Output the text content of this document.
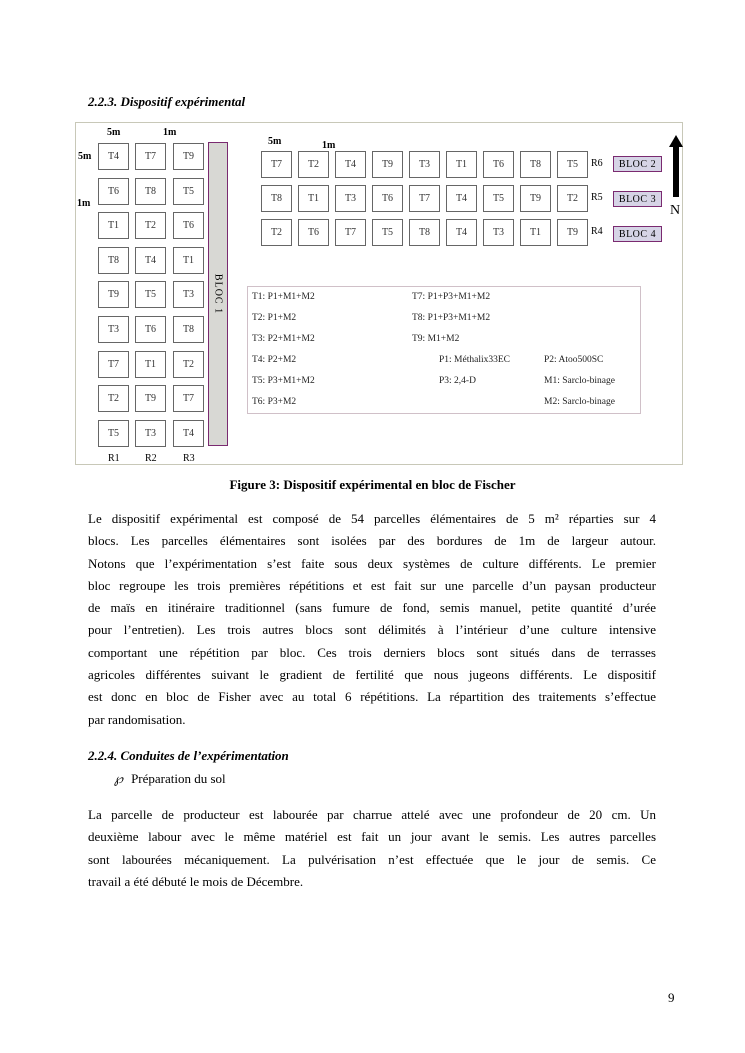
2.2.3. Dispositif expérimental
5m	1m
5m
1m
T4	T7	T9
T6	T8	T5
T1	T2	T6
T8	T4	T1
T9	T5	T3
T3	T6	T8
T7	T1	T2
T2	T9	T7
T5	T3	T4
R1	R2	R3
BLOC 1
5m	1m
T7	T2	T4	T9	T3	T1	T6	T8	T5	R6	BLOC 2
T8	T1	T3	T6	T7	T4	T5	T9	T2	R5	BLOC 3
T2	T6	T7	T5	T8	T4	T3	T1	T9	R4	BLOC 4
N
T1: P1+M1+M2
T2: P1+M2
T3: P2+M1+M2
T4: P2+M2
T5: P3+M1+M2
T6: P3+M2
T7: P1+P3+M1+M2
T8: P1+P3+M1+M2
T9: M1+M2
P1: Méthalix33EC	P2: Atoo500SC
P3: 2,4-D	M1: Sarclo-binage
M2: Sarclo-binage
Figure 3: Dispositif expérimental en bloc de Fischer
Le dispositif expérimental est composé de 54 parcelles élémentaires de 5 m² réparties sur 4
blocs. Les parcelles élémentaires sont isolées par des bordures de 1m de largeur autour.
Notons que l’expérimentation s’est faite sous deux systèmes de culture différents. Le premier
bloc regroupe les trois premières répétitions et est fait sur une parcelle d’un paysan producteur
de maïs en itinéraire traditionnel (sans fumure de fond, semis manuel, petite quantité d’urée
pour l’entretien). Les trois autres blocs sont délimités à l’intérieur d’une culture intensive
comportant une répétition par bloc. Ces trois derniers blocs sont situés dans de terrasses
agricoles différentes suivant le gradient de fertilité que nous jugeons différents. Le dispositif
est donc en bloc de Fisher avec au total 6 répétitions. La répartition des traitements s’effectue
par randomisation.
2.2.4. Conduites de l’expérimentation
℘ Préparation du sol
La parcelle de producteur est labourée par charrue attelé avec une profondeur de 20 cm. Un
deuxième labour avec le même matériel est fait un jour avant le semis. Les autres parcelles
sont labourées mécaniquement. La pulvérisation n’est effectuée que le jour de semis. Ce
travail a été débuté le mois de Décembre.
9
